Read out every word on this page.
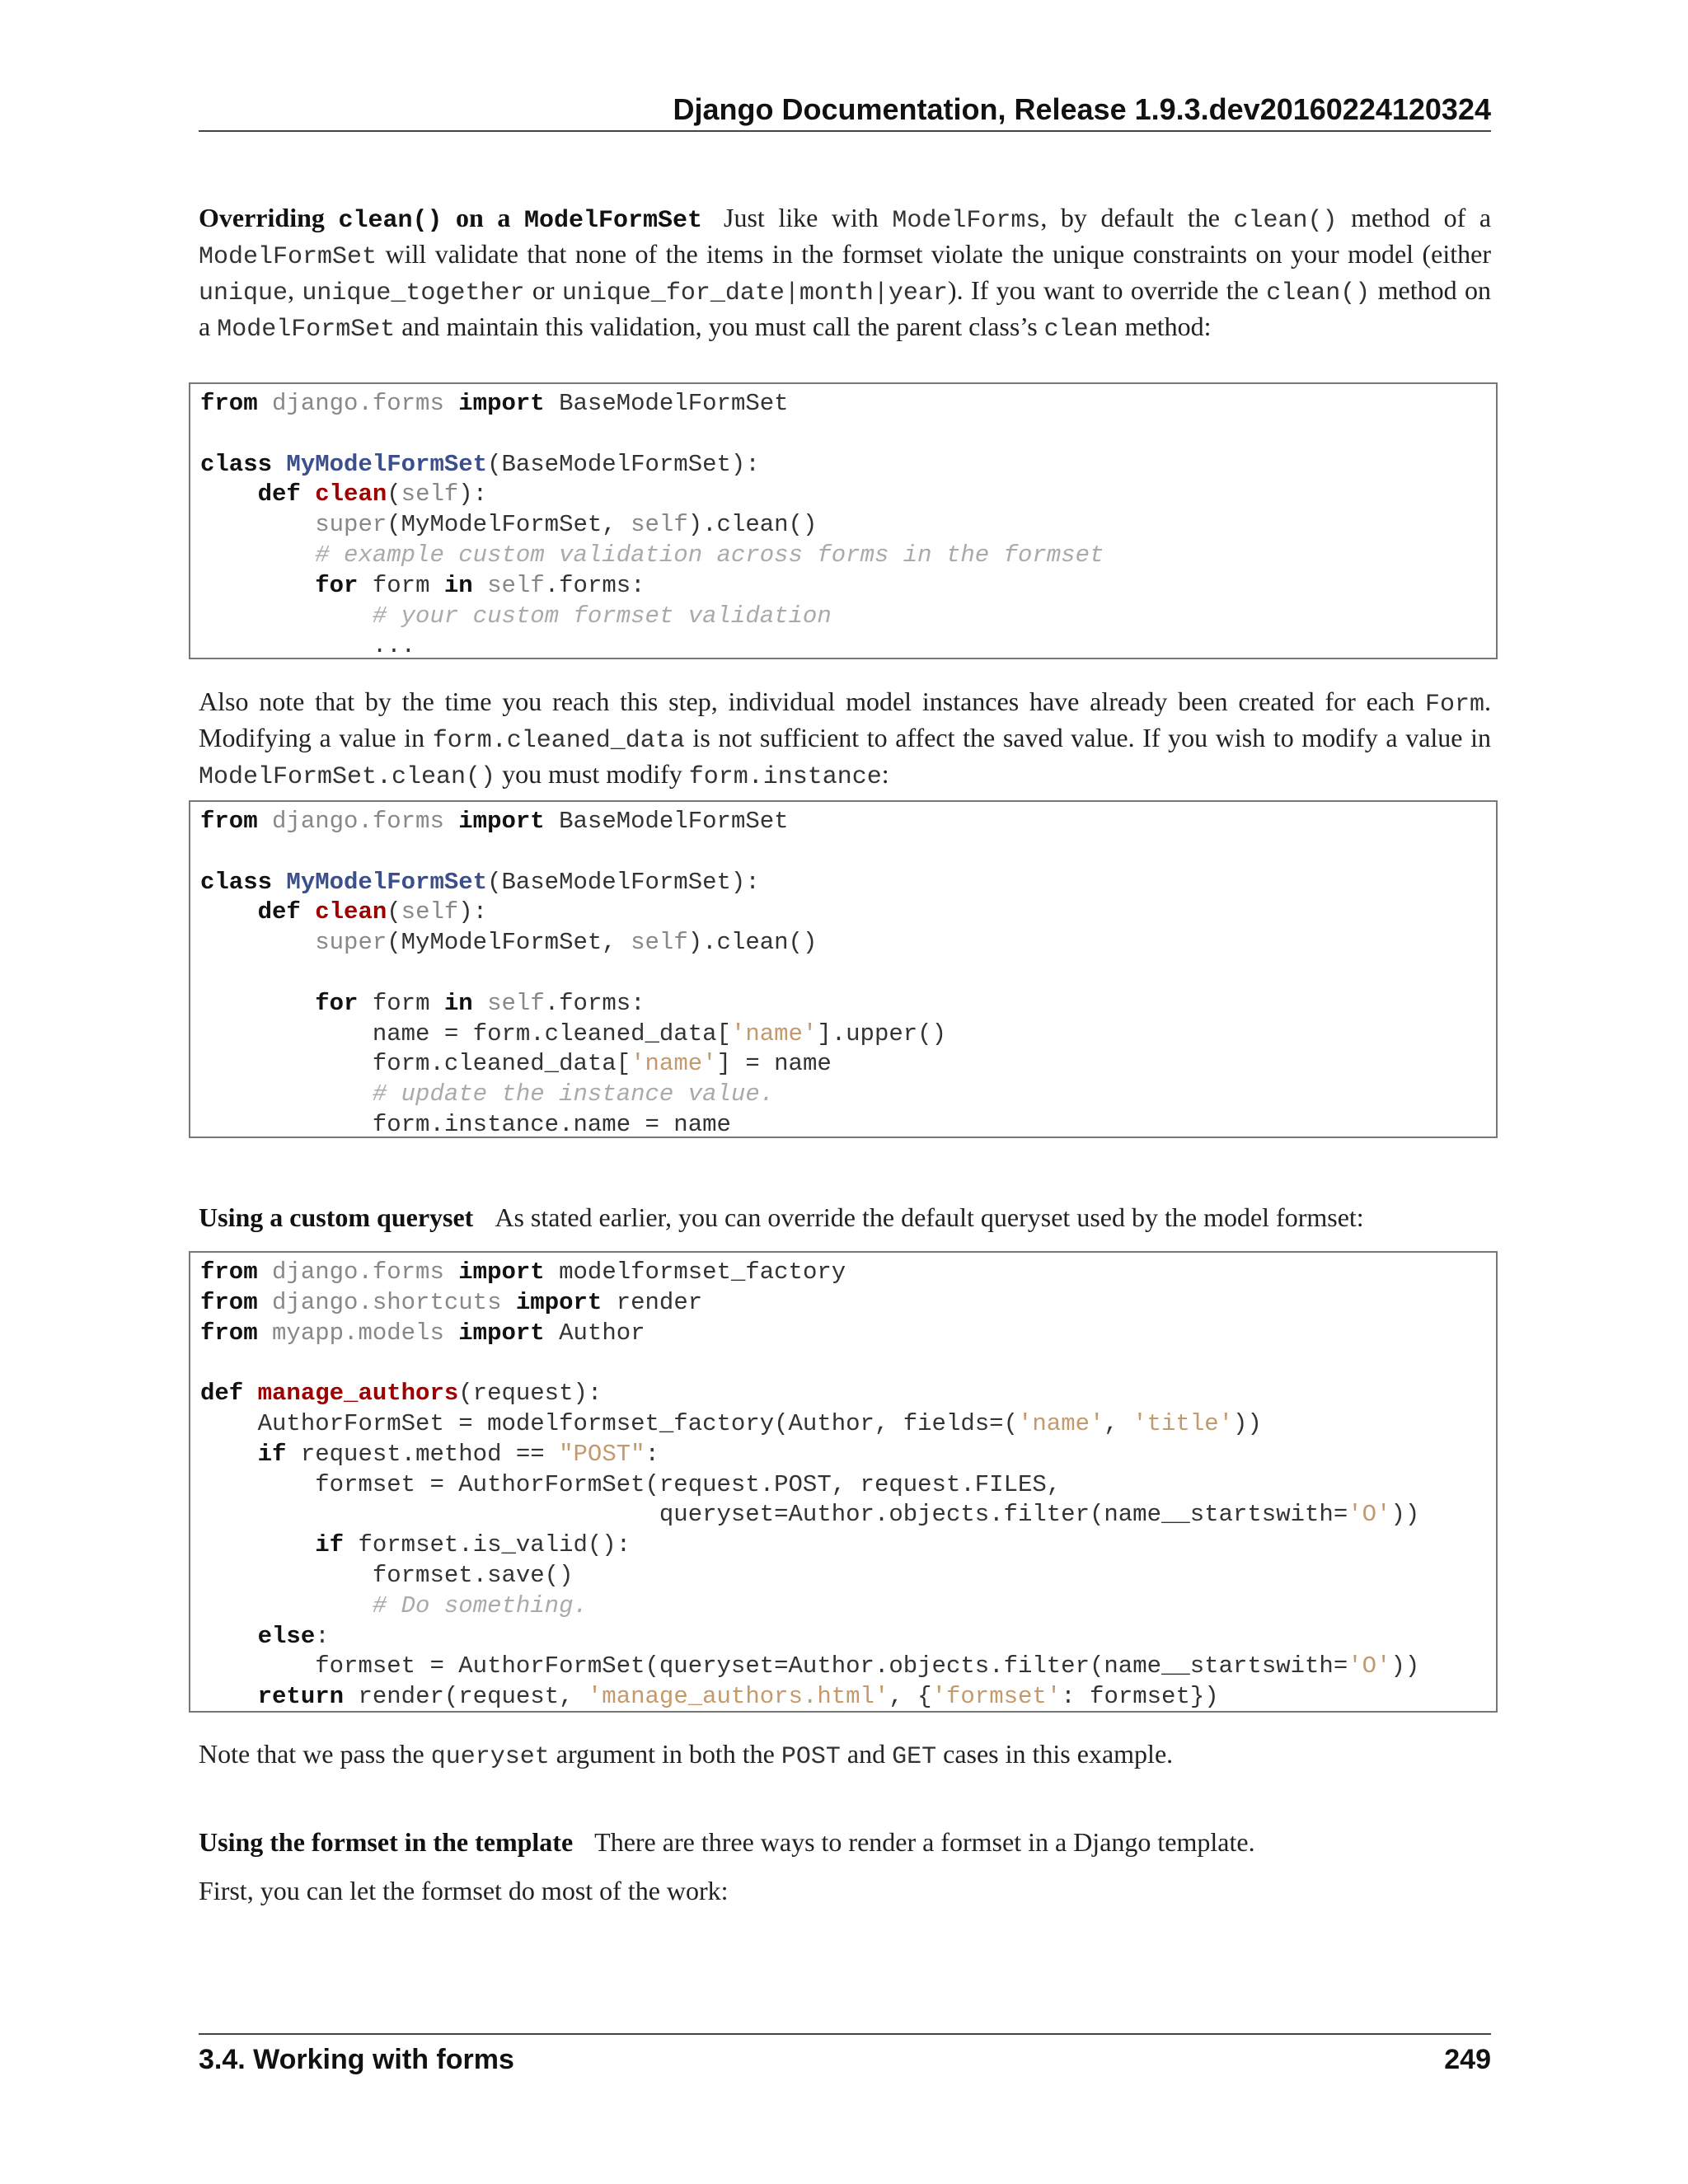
Django Documentation, Release 1.9.3.dev20160224120324

Overriding clean() on a ModelFormSet Just like with ModelForms, by default the clean() method of a ModelFormSet will validate that none of the items in the formset violate the unique constraints on your model (either unique, unique_together or unique_for_date|month|year). If you want to override the clean() method on a ModelFormSet and maintain this validation, you must call the parent class’s clean method:

from django.forms import BaseModelFormSet

class MyModelFormSet(BaseModelFormSet):
def clean(self):
super(MyModelFormSet, self).clean()
# example custom validation across forms in the formset
for form in self.forms:
# your custom formset validation
...

Also note that by the time you reach this step, individual model instances have already been created for each Form. Modifying a value in form.cleaned_data is not sufficient to affect the saved value. If you wish to modify a value in ModelFormSet.clean() you must modify form.instance:

from django.forms import BaseModelFormSet

class MyModelFormSet(BaseModelFormSet):
def clean(self):
super(MyModelFormSet, self).clean()

for form in self.forms:
name = form.cleaned_data['name'].upper()
form.cleaned_data['name'] = name
# update the instance value.
form.instance.name = name

Using a custom queryset As stated earlier, you can override the default queryset used by the model formset:

from django.forms import modelformset_factory
from django.shortcuts import render
from myapp.models import Author

def manage_authors(request):
AuthorFormSet = modelformset_factory(Author, fields=('name', 'title'))
if request.method == "POST":
formset = AuthorFormSet(request.POST, request.FILES,
queryset=Author.objects.filter(name__startswith='O'))
if formset.is_valid():
formset.save()
# Do something.
else:
formset = AuthorFormSet(queryset=Author.objects.filter(name__startswith='O'))
return render(request, 'manage_authors.html', {'formset': formset})

Note that we pass the queryset argument in both the POST and GET cases in this example.

Using the formset in the template There are three ways to render a formset in a Django template.

First, you can let the formset do most of the work:

3.4. Working with forms	249
